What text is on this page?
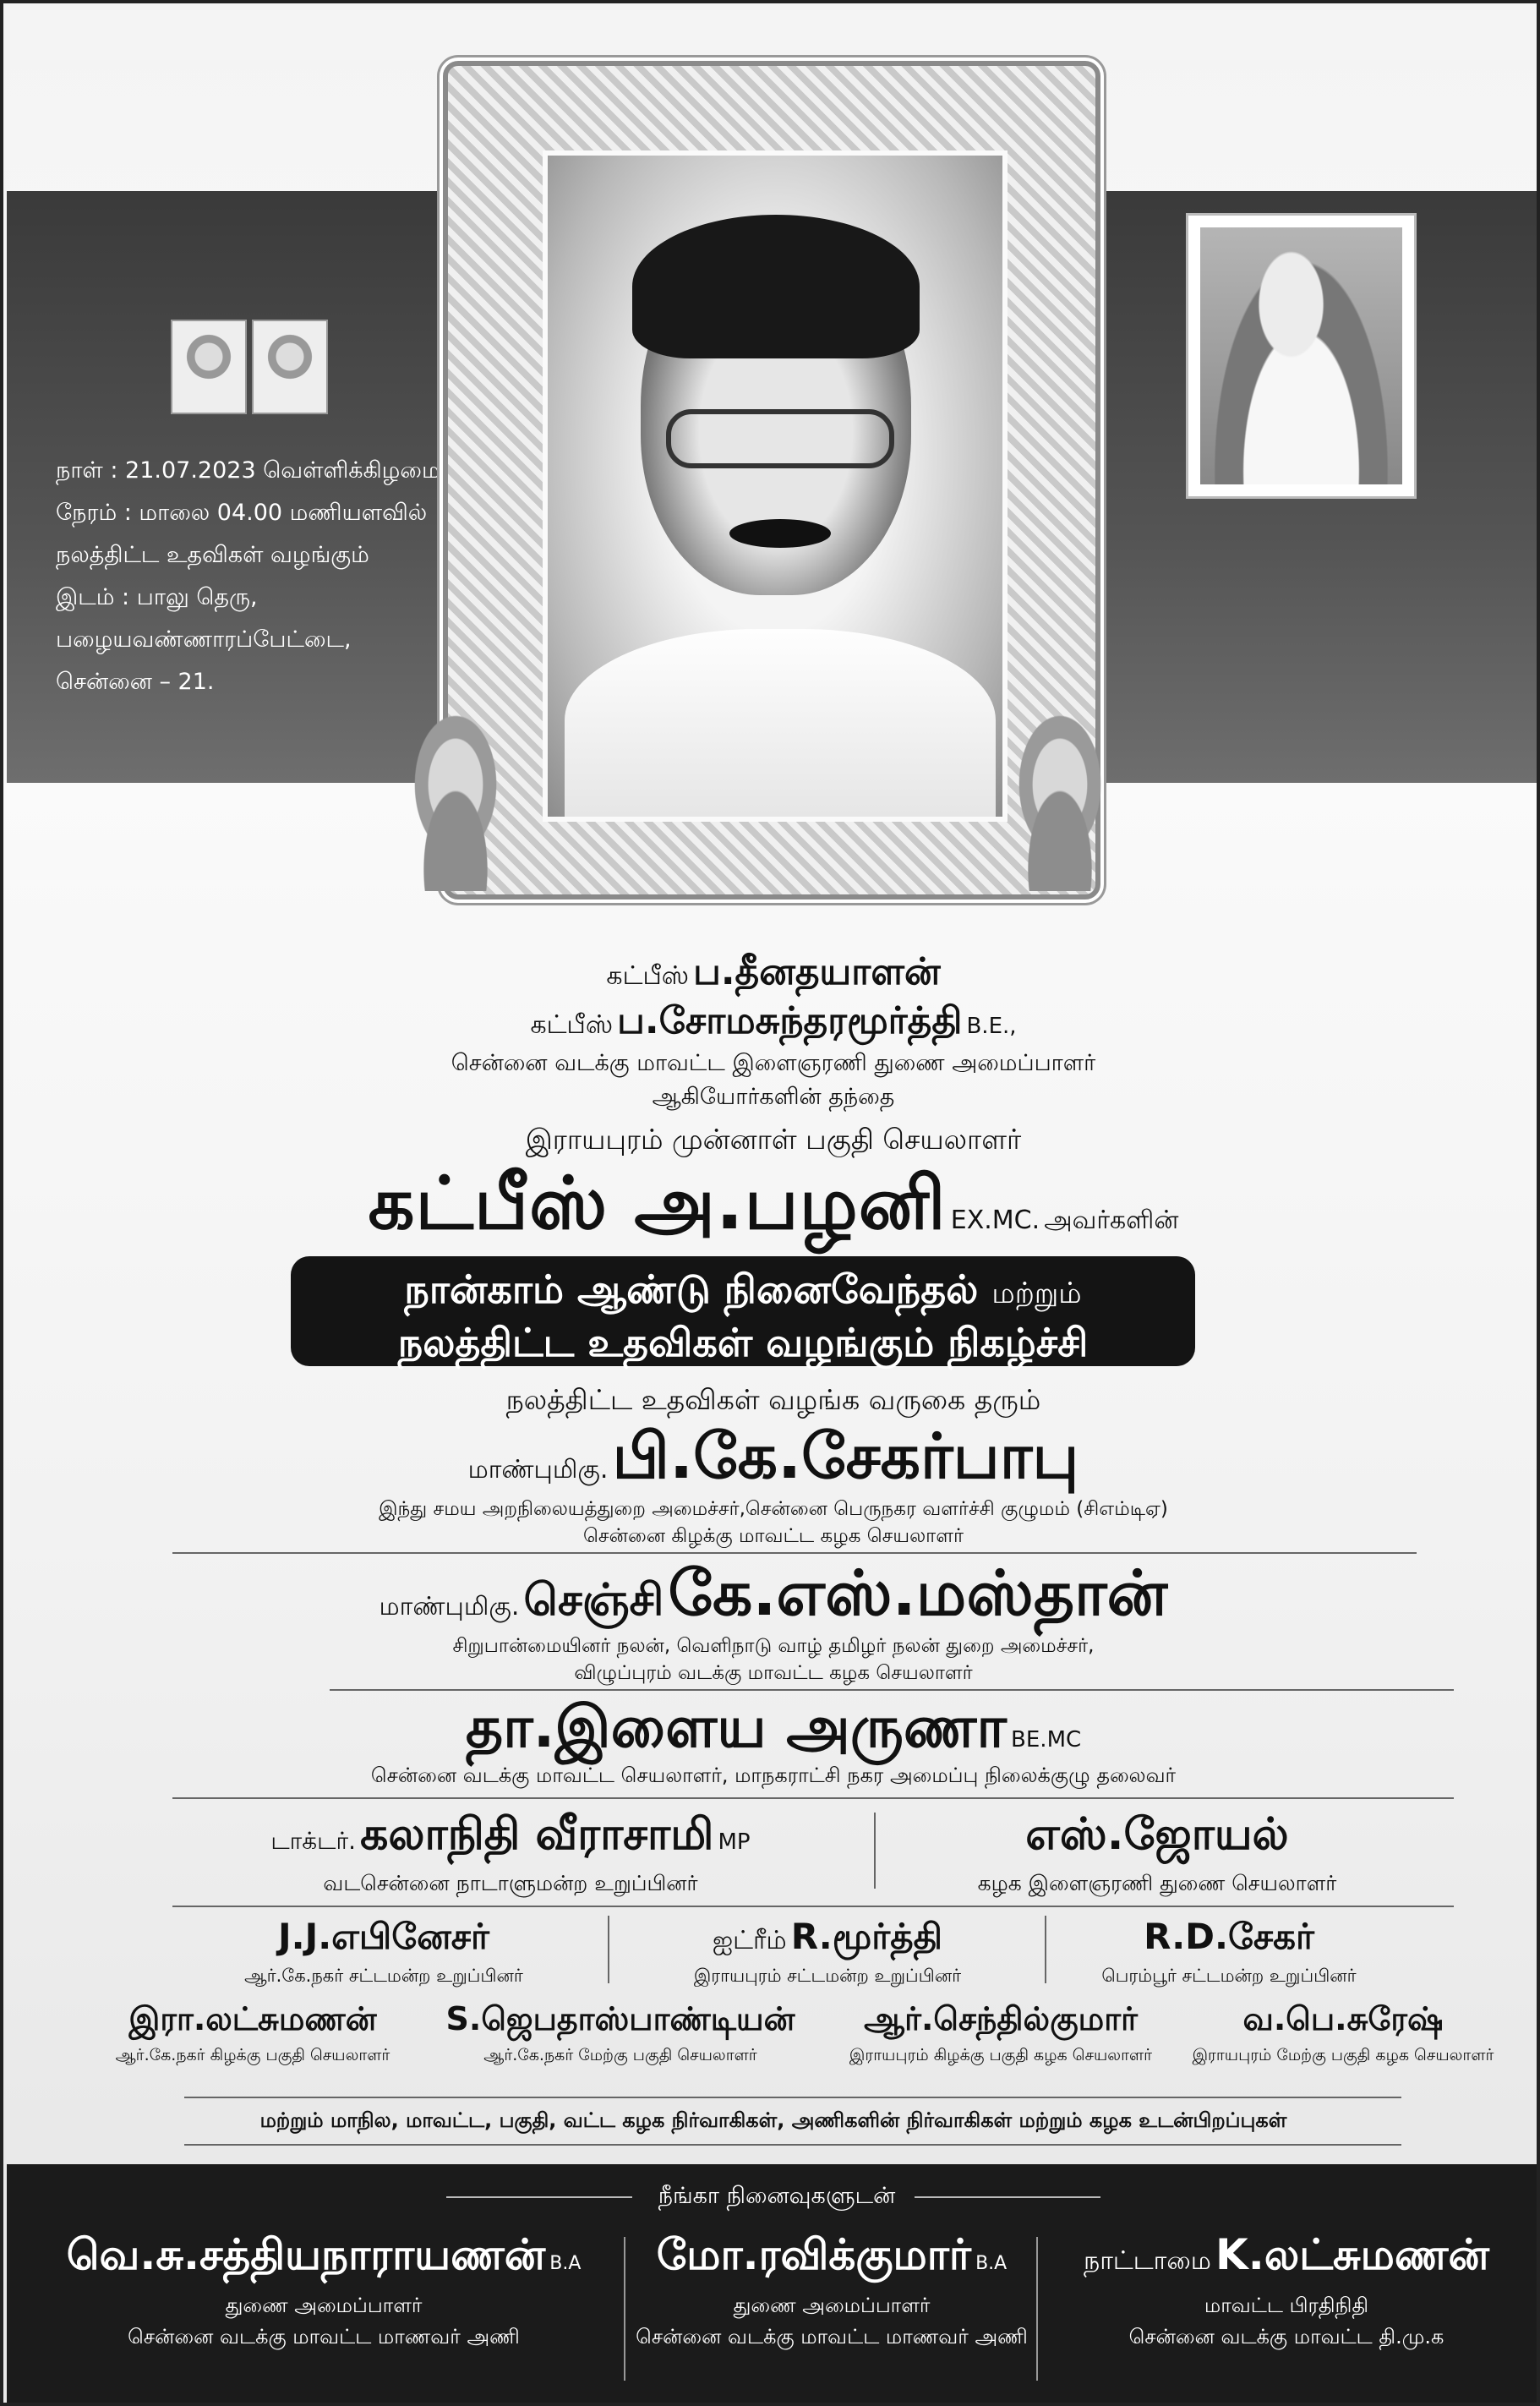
நாள் : 21.07.2023 வெள்ளிக்கிழமை
நேரம் : மாலை 04.00 மணியளவில்
நலத்திட்ட உதவிகள் வழங்கும்
இடம் : பாலு தெரு,
பழையவண்ணாரப்பேட்டை,
சென்னை – 21.
கட்பீஸ் ப.தீனதயாளன்
கட்பீஸ் ப.சோமசுந்தரமூர்த்தி B.E.,
சென்னை வடக்கு மாவட்ட இளைஞரணி துணை அமைப்பாளர்
ஆகியோர்களின் தந்தை
இராயபுரம் முன்னாள் பகுதி செயலாளர்
கட்பீஸ் அ.பழனி EX.MC. அவர்களின்
நான்காம் ஆண்டு நினைவேந்தல் மற்றும்
நலத்திட்ட உதவிகள் வழங்கும் நிகழ்ச்சி
நலத்திட்ட உதவிகள் வழங்க வருகை தரும்
மாண்புமிகு. பி.கே.சேகர்பாபு
இந்து சமய அறநிலையத்துறை அமைச்சர்,சென்னை பெருநகர வளர்ச்சி குழுமம் (சிஎம்டிஏ)
சென்னை கிழக்கு மாவட்ட கழக செயலாளர்
மாண்புமிகு. செஞ்சி கே.எஸ்.மஸ்தான்
சிறுபான்மையினர் நலன், வெளிநாடு வாழ் தமிழர் நலன் துறை அமைச்சர்,
விழுப்புரம் வடக்கு மாவட்ட கழக செயலாளர்
தா.இளைய அருணா BE.MC
சென்னை வடக்கு மாவட்ட செயலாளர், மாநகராட்சி நகர அமைப்பு நிலைக்குழு தலைவர்
டாக்டர். கலாநிதி வீராசாமி MP
வடசென்னை நாடாளுமன்ற உறுப்பினர்
எஸ்.ஜோயல்
கழக இளைஞரணி துணை செயலாளர்
J.J.எபினேசர்
ஆர்.கே.நகர் சட்டமன்ற உறுப்பினர்
ஐட்ரீம் R.மூர்த்தி
இராயபுரம் சட்டமன்ற உறுப்பினர்
R.D.சேகர்
பெரம்பூர் சட்டமன்ற உறுப்பினர்
இரா.லட்சுமணன்
ஆர்.கே.நகர் கிழக்கு பகுதி செயலாளர்
S.ஜெபதாஸ்பாண்டியன்
ஆர்.கே.நகர் மேற்கு பகுதி செயலாளர்
ஆர்.செந்தில்குமார்
இராயபுரம் கிழக்கு பகுதி கழக செயலாளர்
வ.பெ.சுரேஷ்
இராயபுரம் மேற்கு பகுதி கழக செயலாளர்
மற்றும் மாநில, மாவட்ட, பகுதி, வட்ட கழக நிர்வாகிகள், அணிகளின் நிர்வாகிகள் மற்றும் கழக உடன்பிறப்புகள்
நீங்கா நினைவுகளுடன்
வெ.சு.சத்தியநாராயணன் B.A
துணை அமைப்பாளர்
சென்னை வடக்கு மாவட்ட மாணவர் அணி
மோ.ரவிக்குமார் B.A
துணை அமைப்பாளர்
சென்னை வடக்கு மாவட்ட மாணவர் அணி
நாட்டாமை K.லட்சுமணன்
மாவட்ட பிரதிநிதி
சென்னை வடக்கு மாவட்ட தி.மு.க
